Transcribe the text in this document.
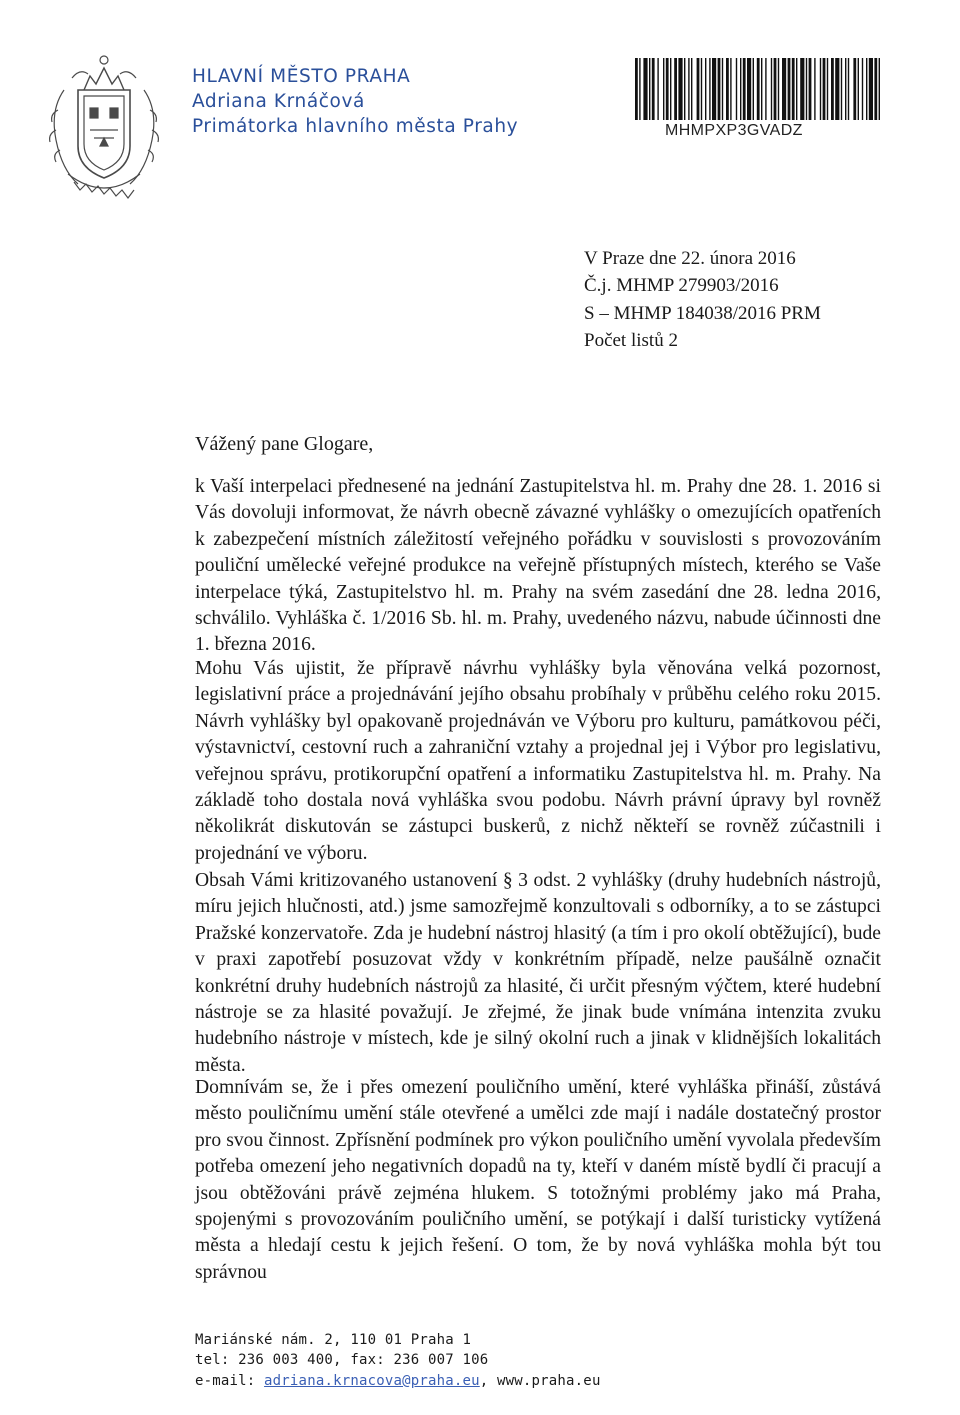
HLAVNÍ MĚSTO PRAHA
Adriana Krnáčová
Primátorka hlavního města Prahy	MHMPXP3GVADZ
V Praze dne 22. února 2016
Č.j. MHMP 279903/2016
S – MHMP 184038/2016 PRM
Počet listů 2
Vážený pane Glogare,

k Vaší interpelaci přednesené na jednání Zastupitelstva hl. m. Prahy dne 28. 1. 2016 si Vás dovoluji informovat, že návrh obecně závazné vyhlášky o omezujících opatřeních k zabezpečení místních záležitostí veřejného pořádku v souvislosti s provozováním pouliční umělecké veřejné produkce na veřejně přístupných místech, kterého se Vaše interpelace týká, Zastupitelstvo hl. m. Prahy na svém zasedání dne 28. ledna 2016, schválilo. Vyhláška č. 1/2016 Sb. hl. m. Prahy, uvedeného názvu, nabude účinnosti dne 1. března 2016.

Mohu Vás ujistit, že přípravě návrhu vyhlášky byla věnována velká pozornost, legislativní práce a projednávání jejího obsahu probíhaly v průběhu celého roku 2015. Návrh vyhlášky byl opakovaně projednáván ve Výboru pro kulturu, památkovou péči, výstavnictví, cestovní ruch a zahraniční vztahy a projednal jej i Výbor pro legislativu, veřejnou správu, protikorupční opatření a informatiku Zastupitelstva hl. m. Prahy. Na základě toho dostala nová vyhláška svou podobu. Návrh právní úpravy byl rovněž několikrát diskutován se zástupci buskerů, z nichž někteří se rovněž zúčastnili i projednání ve výboru.

Obsah Vámi kritizovaného ustanovení § 3 odst. 2 vyhlášky (druhy hudebních nástrojů, míru jejich hlučnosti, atd.) jsme samozřejmě konzultovali s odborníky, a to se zástupci Pražské konzervatoře. Zda je hudební nástroj hlasitý (a tím i pro okolí obtěžující), bude v praxi zapotřebí posuzovat vždy v konkrétním případě, nelze paušálně označit konkrétní druhy hudebních nástrojů za hlasité, či určit přesným výčtem, které hudební nástroje se za hlasité považují. Je zřejmé, že jinak bude vnímána intenzita zvuku hudebního nástroje v místech, kde je silný okolní ruch a jinak v klidnějších lokalitách města.

Domnívám se, že i přes omezení pouličního umění, které vyhláška přináší, zůstává město pouličnímu umění stále otevřené a umělci zde mají i nadále dostatečný prostor pro svou činnost. Zpřísnění podmínek pro výkon pouličního umění vyvolala především potřeba omezení jeho negativních dopadů na ty, kteří v daném místě bydlí či pracují a jsou obtěžováni právě zejména hlukem. S totožnými problémy jako má Praha, spojenými s provozováním pouličního umění, se potýkají i další turisticky vytížená města a hledají cestu k jejich řešení. O tom, že by nová vyhláška mohla být tou správnou

Mariánské nám. 2, 110 01 Praha 1
tel: 236 003 400, fax: 236 007 106
e-mail: adriana.krnacova@praha.eu, www.praha.eu
